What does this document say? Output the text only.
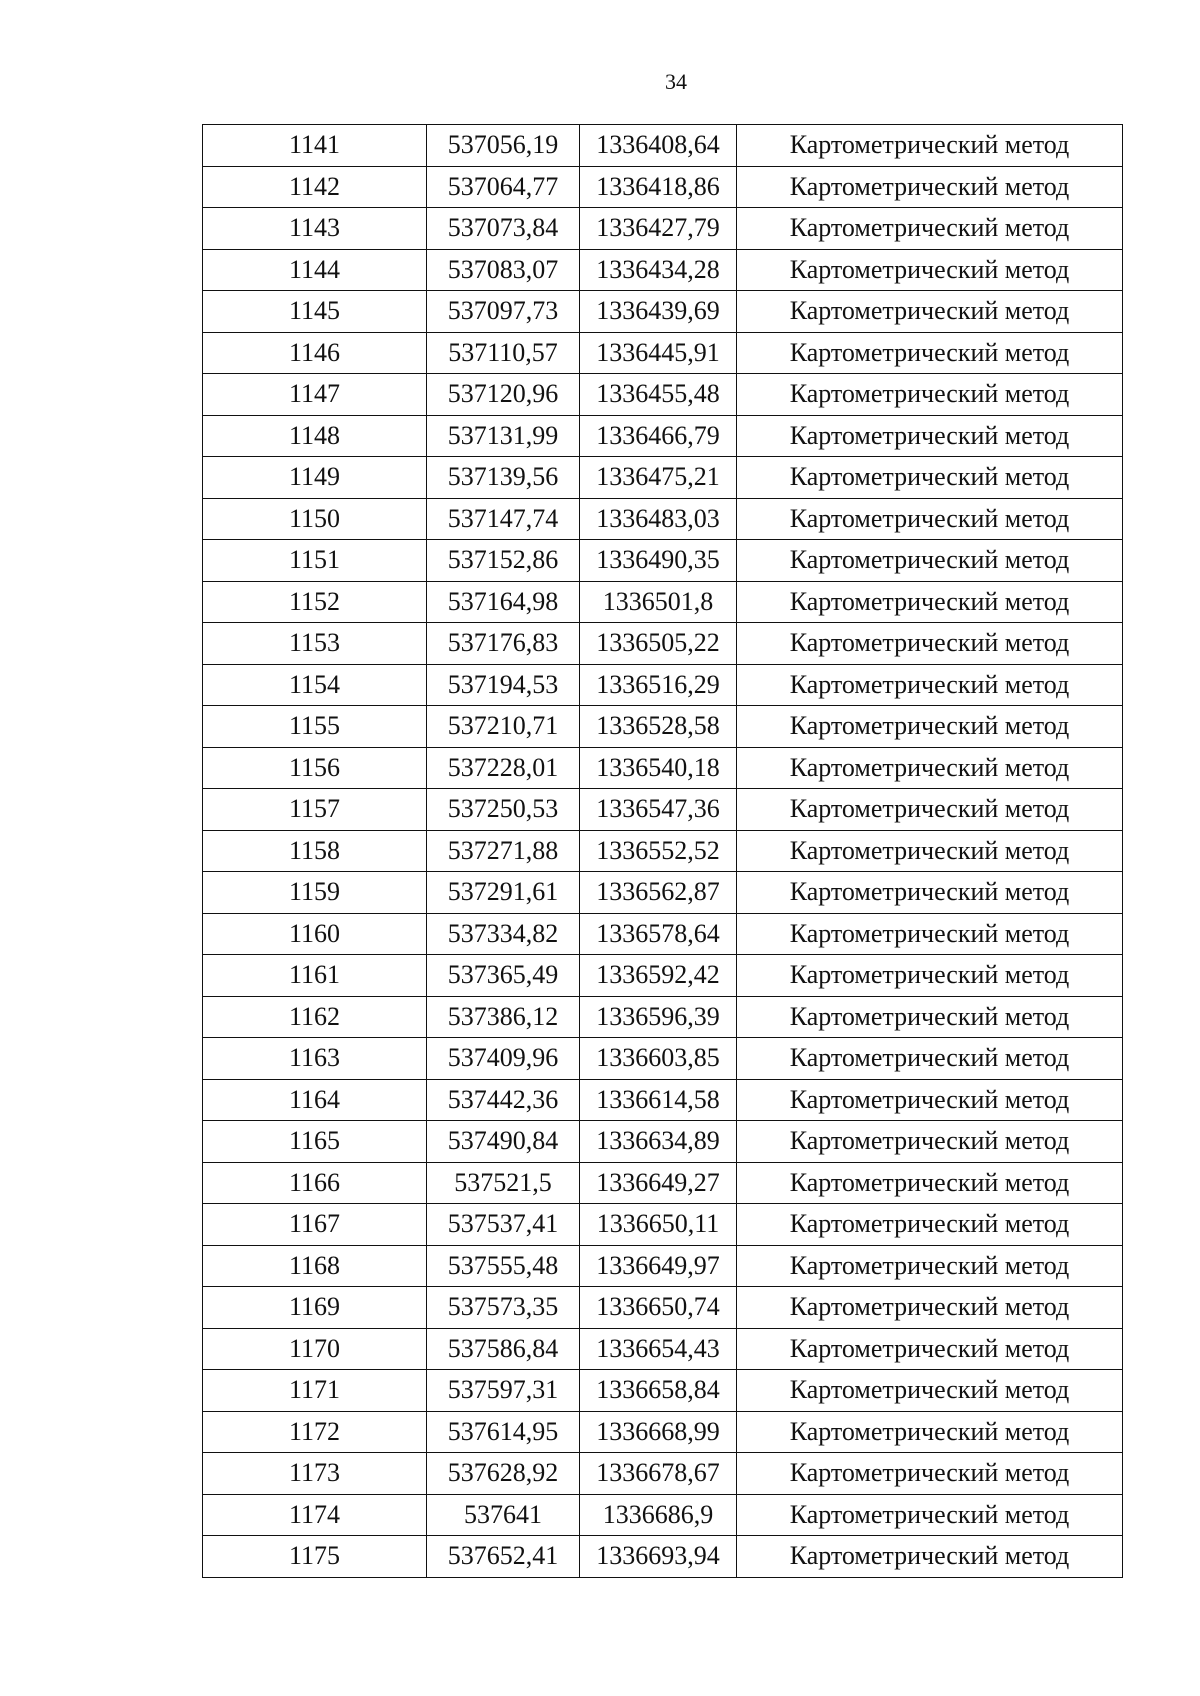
34
1141	537056,19	1336408,64	Картометрический метод
1142	537064,77	1336418,86	Картометрический метод
1143	537073,84	1336427,79	Картометрический метод
1144	537083,07	1336434,28	Картометрический метод
1145	537097,73	1336439,69	Картометрический метод
1146	537110,57	1336445,91	Картометрический метод
1147	537120,96	1336455,48	Картометрический метод
1148	537131,99	1336466,79	Картометрический метод
1149	537139,56	1336475,21	Картометрический метод
1150	537147,74	1336483,03	Картометрический метод
1151	537152,86	1336490,35	Картометрический метод
1152	537164,98	1336501,8	Картометрический метод
1153	537176,83	1336505,22	Картометрический метод
1154	537194,53	1336516,29	Картометрический метод
1155	537210,71	1336528,58	Картометрический метод
1156	537228,01	1336540,18	Картометрический метод
1157	537250,53	1336547,36	Картометрический метод
1158	537271,88	1336552,52	Картометрический метод
1159	537291,61	1336562,87	Картометрический метод
1160	537334,82	1336578,64	Картометрический метод
1161	537365,49	1336592,42	Картометрический метод
1162	537386,12	1336596,39	Картометрический метод
1163	537409,96	1336603,85	Картометрический метод
1164	537442,36	1336614,58	Картометрический метод
1165	537490,84	1336634,89	Картометрический метод
1166	537521,5	1336649,27	Картометрический метод
1167	537537,41	1336650,11	Картометрический метод
1168	537555,48	1336649,97	Картометрический метод
1169	537573,35	1336650,74	Картометрический метод
1170	537586,84	1336654,43	Картометрический метод
1171	537597,31	1336658,84	Картометрический метод
1172	537614,95	1336668,99	Картометрический метод
1173	537628,92	1336678,67	Картометрический метод
1174	537641	1336686,9	Картометрический метод
1175	537652,41	1336693,94	Картометрический метод
